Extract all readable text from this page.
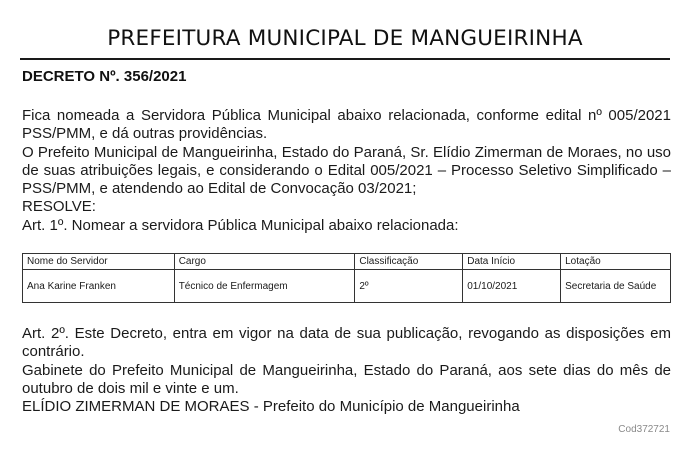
PREFEITURA MUNICIPAL DE MANGUEIRINHA
DECRETO Nº. 356/2021

Fica nomeada a Servidora Pública Municipal abaixo relacionada, conforme edital nº 005/2021 PSS/PMM, e dá outras providências.

O Prefeito Municipal de Mangueirinha, Estado do Paraná, Sr. Elídio Zimerman de Moraes, no uso de suas atribuições legais, e considerando o Edital 005/2021 – Processo Seletivo Simplificado – PSS/PMM, e atendendo ao Edital de Convocação 03/2021;

RESOLVE:

Art. 1º. Nomear a servidora Pública Municipal abaixo relacionada:

Nome do Servidor	Cargo	Classificação	Data Início	Lotação
Ana Karine Franken	Técnico de Enfermagem	2º	01/10/2021	Secretaria de Saúde

Art. 2º. Este Decreto, entra em vigor na data de sua publicação, revogando as disposições em contrário.

Gabinete do Prefeito Municipal de Mangueirinha, Estado do Paraná, aos sete dias do mês de outubro de dois mil e vinte e um.

ELÍDIO ZIMERMAN DE MORAES - Prefeito do Município de Mangueirinha

Cod372721
